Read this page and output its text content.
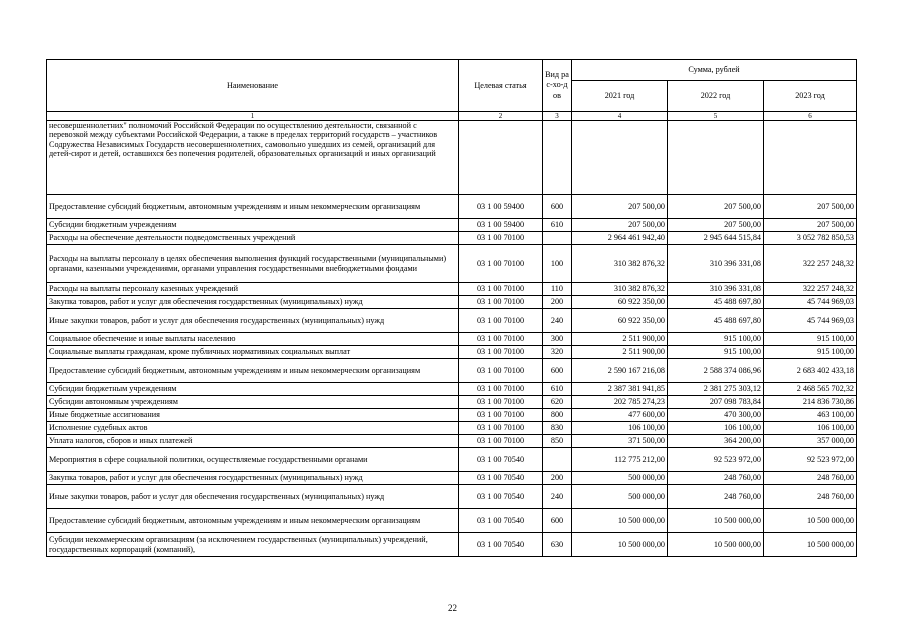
Наименование	Целевая статья	Вид рас-хо-дов	Сумма, рублей		
			2021 год	2022 год	2023 год
1	2	3	4	5	6
несовершеннолетних" полномочий Российской Федерации по осуществлению деятельности, связанной с перевозкой между субъектами Российской Федерации, а также в пределах территорий государств – участников Содружества Независимых Государств несовершеннолетних, самовольно ушедших из семей, организаций для детей-сирот и детей, оставшихся без попечения родителей, образовательных организаций и иных организаций					
Предоставление субсидий бюджетным, автономным учреждениям и иным некоммерческим организациям	03 1 00 59400	600	207 500,00	207 500,00	207 500,00
Субсидии бюджетным учреждениям	03 1 00 59400	610	207 500,00	207 500,00	207 500,00
Расходы на обеспечение деятельности подведомственных учреждений	03 1 00 70100		2 964 461 942,40	2 945 644 515,84	3 052 782 850,53
Расходы на выплаты персоналу в целях обеспечения выполнения функций государственными (муниципальными) органами, казенными учреждениями, органами управления государственными внебюджетными фондами	03 1 00 70100	100	310 382 876,32	310 396 331,08	322 257 248,32
Расходы на выплаты персоналу казенных учреждений	03 1 00 70100	110	310 382 876,32	310 396 331,08	322 257 248,32
Закупка товаров, работ и услуг для обеспечения государственных (муниципальных) нужд	03 1 00 70100	200	60 922 350,00	45 488 697,80	45 744 969,03
Иные закупки товаров, работ и услуг для обеспечения государственных (муниципальных) нужд	03 1 00 70100	240	60 922 350,00	45 488 697,80	45 744 969,03
Социальное обеспечение и иные выплаты населению	03 1 00 70100	300	2 511 900,00	915 100,00	915 100,00
Социальные выплаты гражданам, кроме публичных нормативных социальных выплат	03 1 00 70100	320	2 511 900,00	915 100,00	915 100,00
Предоставление субсидий бюджетным, автономным учреждениям и иным некоммерческим организациям	03 1 00 70100	600	2 590 167 216,08	2 588 374 086,96	2 683 402 433,18
Субсидии бюджетным учреждениям	03 1 00 70100	610	2 387 381 941,85	2 381 275 303,12	2 468 565 702,32
Субсидии автономным учреждениям	03 1 00 70100	620	202 785 274,23	207 098 783,84	214 836 730,86
Иные бюджетные ассигнования	03 1 00 70100	800	477 600,00	470 300,00	463 100,00
Исполнение судебных актов	03 1 00 70100	830	106 100,00	106 100,00	106 100,00
Уплата налогов, сборов и иных платежей	03 1 00 70100	850	371 500,00	364 200,00	357 000,00
Мероприятия в сфере социальной политики, осуществляемые государственными органами	03 1 00 70540		112 775 212,00	92 523 972,00	92 523 972,00
Закупка товаров, работ и услуг для обеспечения государственных (муниципальных) нужд	03 1 00 70540	200	500 000,00	248 760,00	248 760,00
Иные закупки товаров, работ и услуг для обеспечения государственных (муниципальных) нужд	03 1 00 70540	240	500 000,00	248 760,00	248 760,00
Предоставление субсидий бюджетным, автономным учреждениям и иным некоммерческим организациям	03 1 00 70540	600	10 500 000,00	10 500 000,00	10 500 000,00
Субсидии некоммерческим организациям (за исключением государственных (муниципальных) учреждений, государственных корпораций (компаний),	03 1 00 70540	630	10 500 000,00	10 500 000,00	10 500 000,00
22
